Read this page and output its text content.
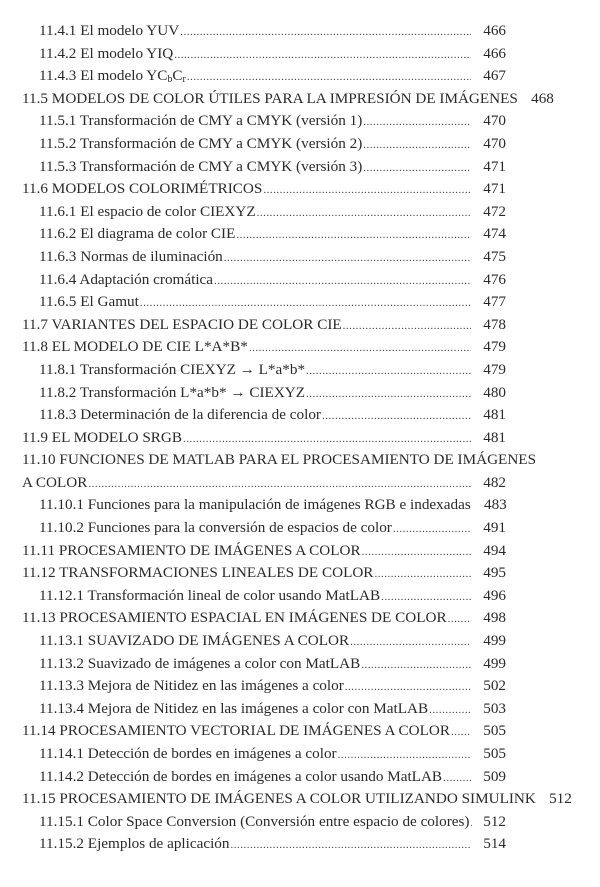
11.4.1 El modelo YUV .....	466
11.4.2 El modelo YIQ .....	466
11.4.3 El modelo $YC_bC_r$ .....	467
11.5 MODELOS DE COLOR ÚTILES PARA LA IMPRESIÓN DE IMÁGENES 468
11.5.1 Transformación de CMY a CMYK (versión 1) .....	470
11.5.2 Transformación de CMY a CMYK (versión 2) .....	470
11.5.3 Transformación de CMY a CMYK (versión 3) .....	471
11.6 MODELOS COLORIMÉTRICOS .....	471
11.6.1 El espacio de color CIEXYZ .....	472
11.6.2 El diagrama de color CIE .....	474
11.6.3 Normas de iluminación .....	475
11.6.4 Adaptación cromática .....	476
11.6.5 El Gamut .....	477
11.7 VARIANTES DEL ESPACIO DE COLOR CIE .....	478
11.8 EL MODELO DE CIE L*A*B* .....	479
11.8.1 Transformación CIEXYZ → L*a*b* .....	479
11.8.2 Transformación L*a*b* → CIEXYZ .....	480
11.8.3 Determinación de la diferencia de color .....	481
11.9 EL MODELO SRGB .....	481
11.10 FUNCIONES DE MATLAB PARA EL PROCESAMIENTO DE IMÁGENES
A COLOR .....	482
11.10.1 Funciones para la manipulación de imágenes RGB e indexadas 483
11.10.2 Funciones para la conversión de espacios de color .....	491
11.11 PROCESAMIENTO DE IMÁGENES A COLOR .....	494
11.12 TRANSFORMACIONES LINEALES DE COLOR .....	495
11.12.1 Transformación lineal de color usando MatLAB .....	496
11.13 PROCESAMIENTO ESPACIAL EN IMÁGENES DE COLOR .....	498
11.13.1 SUAVIZADO DE IMÁGENES A COLOR .....	499
11.13.2 Suavizado de imágenes a color con MatLAB .....	499
11.13.3 Mejora de Nitidez en las imágenes a color .....	502
11.13.4 Mejora de Nitidez en las imágenes a color con MatLAB .....	503
11.14 PROCESAMIENTO VECTORIAL DE IMÁGENES A COLOR .....	505
11.14.1 Detección de bordes en imágenes a color .....	505
11.14.2 Detección de bordes en imágenes a color usando MatLAB .....	509
11.15 PROCESAMIENTO DE IMÁGENES A COLOR UTILIZANDO SIMULINK 512
11.15.1 Color Space Conversion (Conversión entre espacio de colores) ..... 512
11.15.2 Ejemplos de aplicación .....	514
